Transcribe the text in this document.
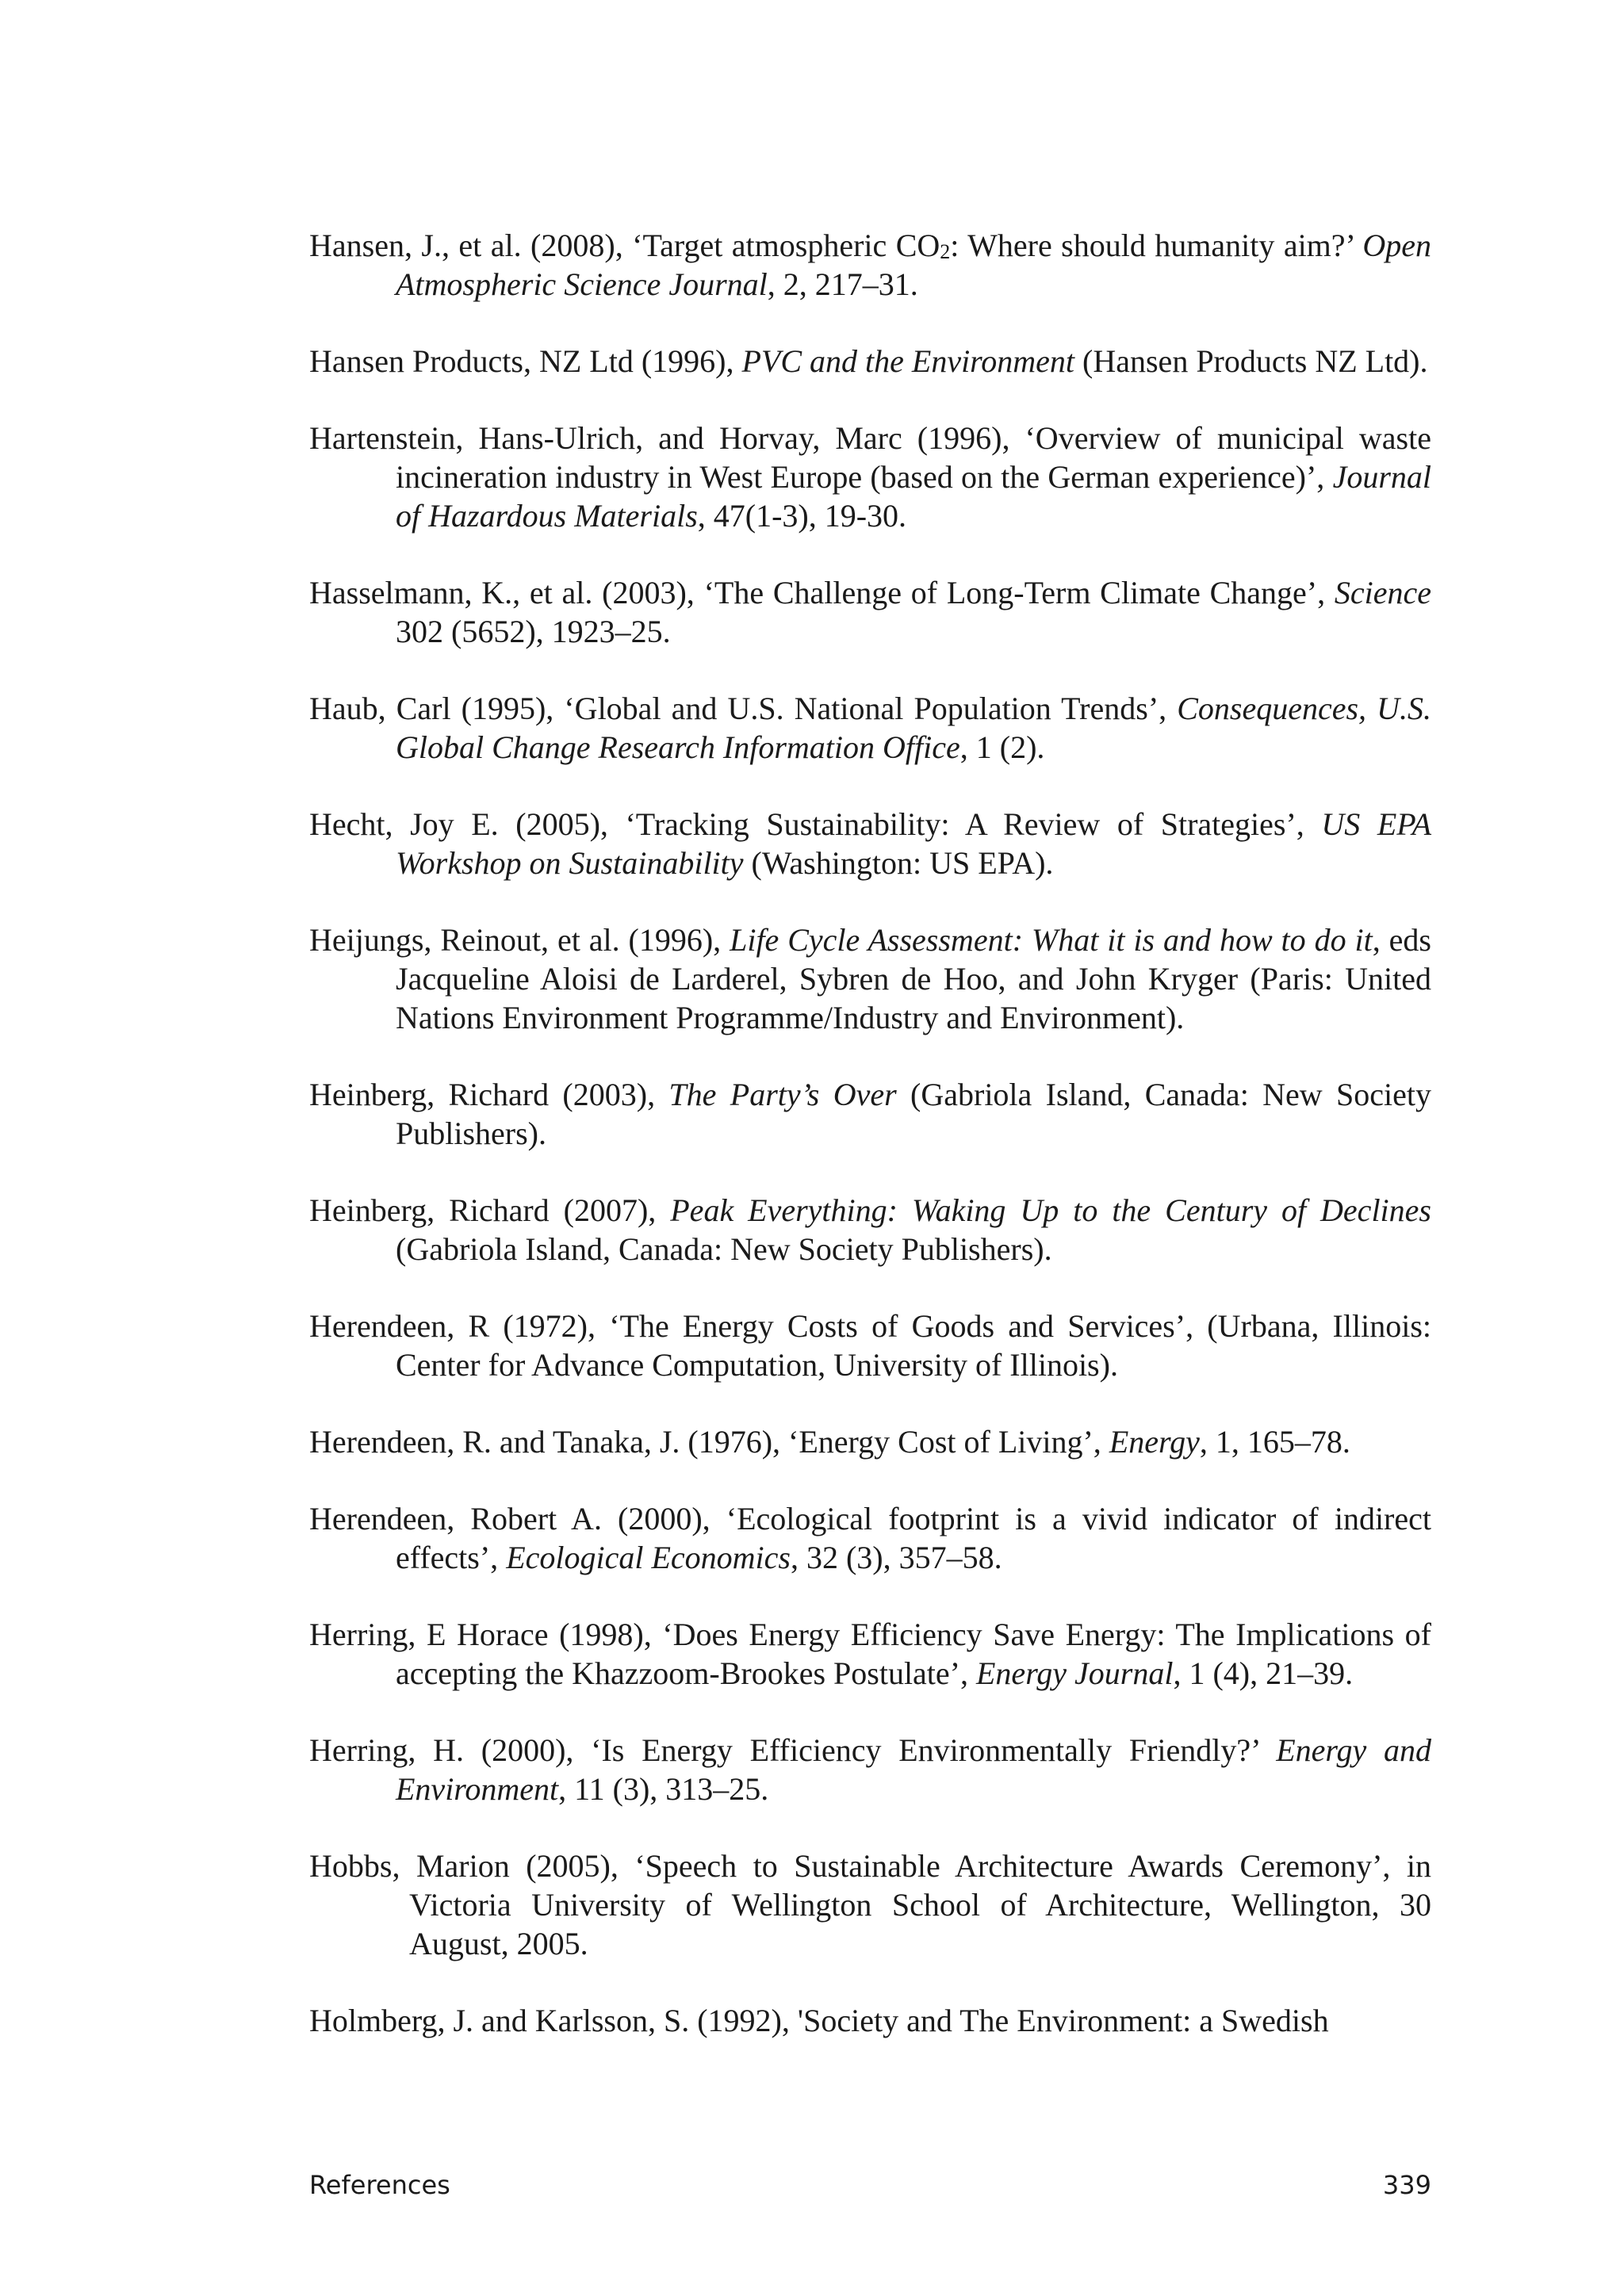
Hansen, J., et al. (2008), ‘Target atmospheric $CO_2$: Where should humanity aim?’ Open Atmospheric Science Journal, 2, 217–31.

Hansen Products, NZ Ltd (1996), PVC and the Environment (Hansen Products NZ Ltd).

Hartenstein, Hans-Ulrich, and Horvay, Marc (1996), ‘Overview of municipal waste incineration industry in West Europe (based on the German experience)’, Journal of Hazardous Materials, 47(1-3), 19-30.

Hasselmann, K., et al. (2003), ‘The Challenge of Long-Term Climate Change’, Science 302 (5652), 1923–25.

Haub, Carl (1995), ‘Global and U.S. National Population Trends’, Consequences, U.S. Global Change Research Information Office, 1 (2).

Hecht, Joy E. (2005), ‘Tracking Sustainability: A Review of Strategies’, US EPA Workshop on Sustainability (Washington: US EPA).

Heijungs, Reinout, et al. (1996), Life Cycle Assessment: What it is and how to do it, eds Jacqueline Aloisi de Larderel, Sybren de Hoo, and John Kryger (Paris: United Nations Environment Programme/Industry and Environment).

Heinberg, Richard (2003), The Party’s Over (Gabriola Island, Canada: New Society Publishers).

Heinberg, Richard (2007), Peak Everything: Waking Up to the Century of Declines (Gabriola Island, Canada: New Society Publishers).

Herendeen, R (1972), ‘The Energy Costs of Goods and Services’, (Urbana, Illinois: Center for Advance Computation, University of Illinois).

Herendeen, R. and Tanaka, J. (1976), ‘Energy Cost of Living’, Energy, 1, 165–78.

Herendeen, Robert A. (2000), ‘Ecological footprint is a vivid indicator of indirect effects’, Ecological Economics, 32 (3), 357–58.

Herring, E Horace (1998), ‘Does Energy Efficiency Save Energy: The Implications of accepting the Khazzoom-Brookes Postulate’, Energy Journal, 1 (4), 21–39.

Herring, H. (2000), ‘Is Energy Efficiency Environmentally Friendly?’ Energy and Environment, 11 (3), 313–25.

Hobbs, Marion (2005), ‘Speech to Sustainable Architecture Awards Ceremony’, in Victoria University of Wellington School of Architecture, Wellington, 30 August, 2005.

Holmberg, J. and Karlsson, S. (1992), 'Society and The Environment: a Swedish

References	339
